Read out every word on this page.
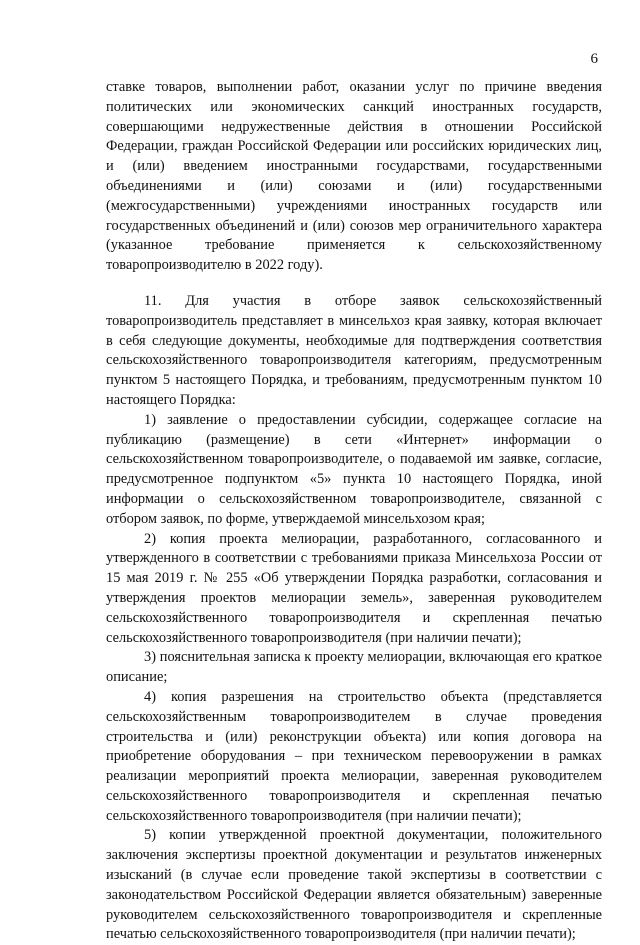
6

ставке товаров, выполнении работ, оказании услуг по причине введения политических или экономических санкций иностранных государств, совершающими недружественные действия в отношении Российской Федерации, граждан Российской Федерации или российских юридических лиц, и (или) введением иностранными государствами, государственными объединениями и (или) союзами и (или) государственными (межгосударственными) учреждениями иностранных государств или государственных объединений и (или) союзов мер ограничительного характера (указанное требование применяется к сельскохозяйственному товаропроизводителю в 2022 году).

11. Для участия в отборе заявок сельскохозяйственный товаропроизводитель представляет в минсельхоз края заявку, которая включает в себя следующие документы, необходимые для подтверждения соответствия сельскохозяйственного товаропроизводителя категориям, предусмотренным пунктом 5 настоящего Порядка, и требованиям, предусмотренным пунктом 10 настоящего Порядка:

1) заявление о предоставлении субсидии, содержащее согласие на публикацию (размещение) в сети «Интернет» информации о сельскохозяйственном товаропроизводителе, о подаваемой им заявке, согласие, предусмотренное подпунктом «5» пункта 10 настоящего Порядка, иной информации о сельскохозяйственном товаропроизводителе, связанной с отбором заявок, по форме, утверждаемой минсельхозом края;

2) копия проекта мелиорации, разработанного, согласованного и утвержденного в соответствии с требованиями приказа Минсельхоза России от 15 мая 2019 г. № 255 «Об утверждении Порядка разработки, согласования и утверждения проектов мелиорации земель», заверенная руководителем сельскохозяйственного товаропроизводителя и скрепленная печатью сельскохозяйственного товаропроизводителя (при наличии печати);

3) пояснительная записка к проекту мелиорации, включающая его краткое описание;

4) копия разрешения на строительство объекта (представляется сельскохозяйственным товаропроизводителем в случае проведения строительства и (или) реконструкции объекта) или копия договора на приобретение оборудования – при техническом перевооружении в рамках реализации мероприятий проекта мелиорации, заверенная руководителем сельскохозяйственного товаропроизводителя и скрепленная печатью сельскохозяйственного товаропроизводителя (при наличии печати);

5) копии утвержденной проектной документации, положительного заключения экспертизы проектной документации и результатов инженерных изысканий (в случае если проведение такой экспертизы в соответствии с законодательством Российской Федерации является обязательным) заверенные руководителем сельскохозяйственного товаропроизводителя и скрепленные печатью сельскохозяйственного товаропроизводителя (при наличии печати);
